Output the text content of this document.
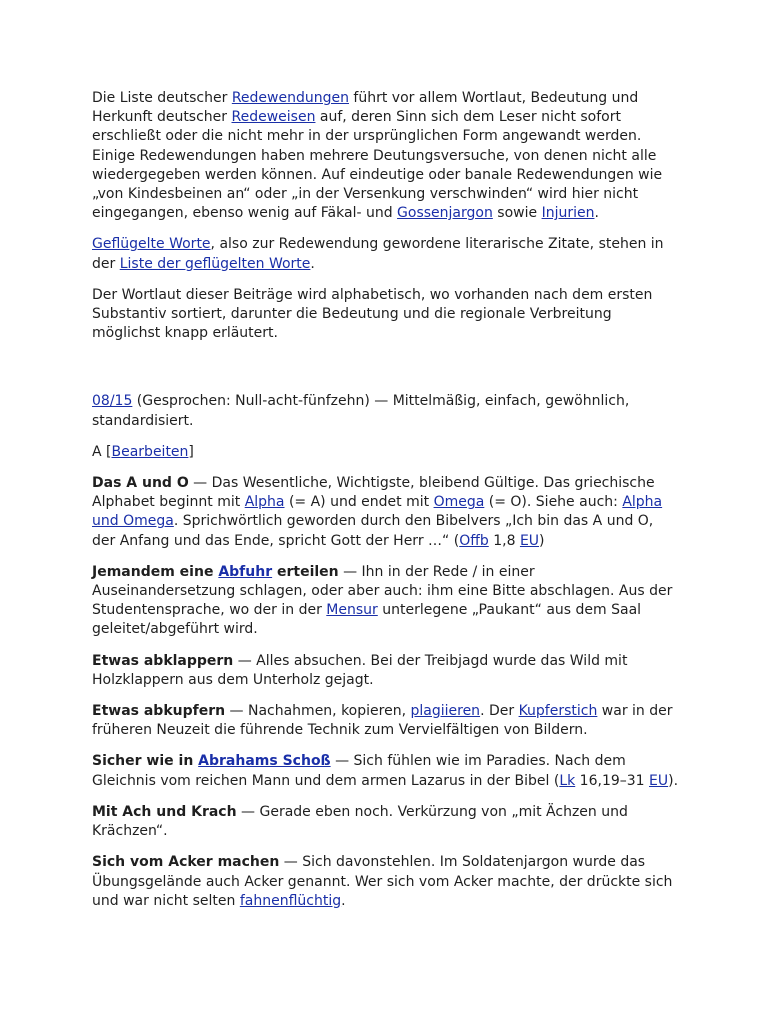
Die Liste deutscher Redewendungen führt vor allem Wortlaut, Bedeutung und Herkunft deutscher Redeweisen auf, deren Sinn sich dem Leser nicht sofort erschließt oder die nicht mehr in der ursprünglichen Form angewandt werden. Einige Redewendungen haben mehrere Deutungsversuche, von denen nicht alle wiedergegeben werden können. Auf eindeutige oder banale Redewendungen wie „von Kindesbeinen an“ oder „in der Versenkung verschwinden“ wird hier nicht eingegangen, ebenso wenig auf Fäkal- und Gossenjargon sowie Injurien.

Geflügelte Worte, also zur Redewendung gewordene literarische Zitate, stehen in der Liste der geflügelten Worte.

Der Wortlaut dieser Beiträge wird alphabetisch, wo vorhanden nach dem ersten Substantiv sortiert, darunter die Bedeutung und die regionale Verbreitung möglichst knapp erläutert.

08/15 (Gesprochen: Null-acht-fünfzehn) — Mittelmäßig, einfach, gewöhnlich, standardisiert.

A [Bearbeiten]

Das A und O — Das Wesentliche, Wichtigste, bleibend Gültige. Das griechische Alphabet beginnt mit Alpha (= A) und endet mit Omega (= O). Siehe auch: Alpha und Omega. Sprichwörtlich geworden durch den Bibelvers „Ich bin das A und O, der Anfang und das Ende, spricht Gott der Herr …“ (Offb 1,8 EU)

Jemandem eine Abfuhr erteilen — Ihn in der Rede / in einer Auseinandersetzung schlagen, oder aber auch: ihm eine Bitte abschlagen. Aus der Studentensprache, wo der in der Mensur unterlegene „Paukant“ aus dem Saal geleitet/abgeführt wird.

Etwas abklappern — Alles absuchen. Bei der Treibjagd wurde das Wild mit Holzklappern aus dem Unterholz gejagt.

Etwas abkupfern — Nachahmen, kopieren, plagiieren. Der Kupferstich war in der früheren Neuzeit die führende Technik zum Vervielfältigen von Bildern.

Sicher wie in Abrahams Schoß — Sich fühlen wie im Paradies. Nach dem Gleichnis vom reichen Mann und dem armen Lazarus in der Bibel (Lk 16,19–31 EU).

Mit Ach und Krach — Gerade eben noch. Verkürzung von „mit Ächzen und Krächzen“.

Sich vom Acker machen — Sich davonstehlen. Im Soldatenjargon wurde das Übungsgelände auch Acker genannt. Wer sich vom Acker machte, der drückte sich und war nicht selten fahnenflüchtig.
